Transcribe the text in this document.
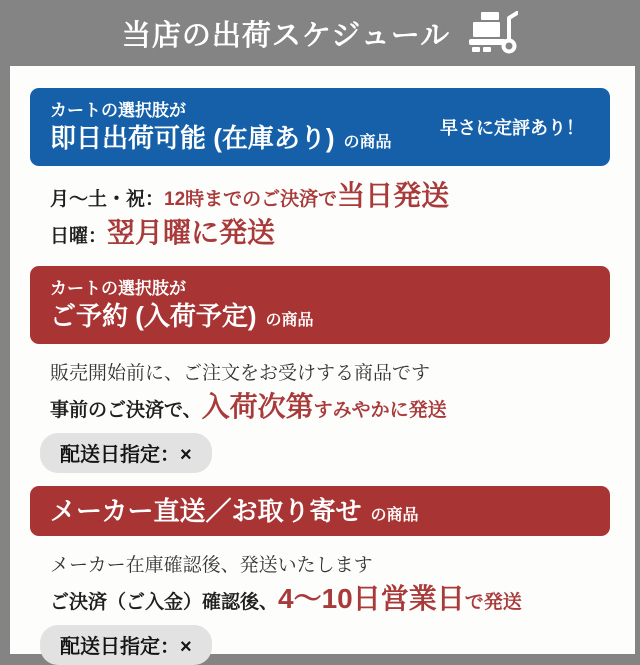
当店の出荷スケジュール
カートの選択肢が
即日出荷可能 (在庫あり) の商品
早さに定評あり！
月〜土・祝：12時までのご決済で当日発送
日曜：翌月曜に発送
カートの選択肢が
ご予約 (入荷予定) の商品
販売開始前に、ご注文をお受けする商品です
事前のご決済で、入荷次第すみやかに発送
配送日指定：×
メーカー直送／お取り寄せ の商品
メーカー在庫確認後、発送いたします
ご決済（ご入金）確認後、4〜10日営業日で発送
配送日指定：×
